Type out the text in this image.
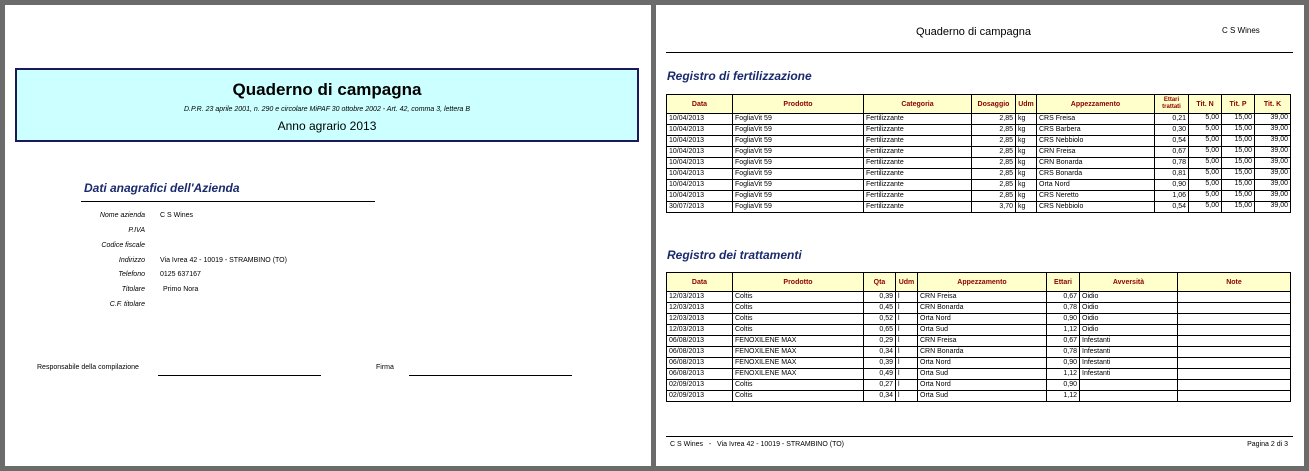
Quaderno di campagna
D.P.R. 23 aprile 2001, n. 290 e circolare MiPAF 30 ottobre 2002 - Art. 42, comma 3, lettera B
Anno agrario 2013
Dati anagrafici dell'Azienda
Nome azienda C S Wines
P.IVA
Codice fiscale
Indirizzo Via Ivrea 42 - 10019 - STRAMBINO (TO)
Telefono 0125 637167
Titolare	Primo Nora
C.F. titolare
Responsabile della compilazione	Firma
Quaderno di campagna	C S Wines
Registro di fertilizzazione
Data	Prodotto	Categoria	Dosaggio	Udm	Appezzamento	Ettari trattati	Tit. N	Tit. P	Tit. K
10/04/2013	FogliaVit 59	Fertilizzante	2,85	kg	CRS Freisa	0,21	5,00	15,00	39,00
10/04/2013	FogliaVit 59	Fertilizzante	2,85	kg	CRS Barbera	0,30	5,00	15,00	39,00
10/04/2013	FogliaVit 59	Fertilizzante	2,85	kg	CRS Nebbiolo	0,54	5,00	15,00	39,00
10/04/2013	FogliaVit 59	Fertilizzante	2,85	kg	CRN Freisa	0,67	5,00	15,00	39,00
10/04/2013	FogliaVit 59	Fertilizzante	2,85	kg	CRN Bonarda	0,78	5,00	15,00	39,00
10/04/2013	FogliaVit 59	Fertilizzante	2,85	kg	CRS Bonarda	0,81	5,00	15,00	39,00
10/04/2013	FogliaVit 59	Fertilizzante	2,85	kg	Orta Nord	0,90	5,00	15,00	39,00
10/04/2013	FogliaVit 59	Fertilizzante	2,85	kg	CRS Neretto	1,06	5,00	15,00	39,00
30/07/2013	FogliaVit 59	Fertilizzante	3,70	kg	CRS Nebbiolo	0,54	5,00	15,00	39,00
Registro dei trattamenti
Data	Prodotto	Qta	Udm	Appezzamento	Ettari	Avversità	Note
12/03/2013	Coltis	0,39	l	CRN Freisa	0,67	Oidio	
12/03/2013	Coltis	0,45	l	CRN Bonarda	0,78	Oidio	
12/03/2013	Coltis	0,52	l	Orta Nord	0,90	Oidio	
12/03/2013	Coltis	0,65	l	Orta Sud	1,12	Oidio	
06/08/2013	FENOXILENE MAX	0,29	l	CRN Freisa	0,67	Infestanti	
06/08/2013	FENOXILENE MAX	0,34	l	CRN Bonarda	0,78	Infestanti	
06/08/2013	FENOXILENE MAX	0,39	l	Orta Nord	0,90	Infestanti	
06/08/2013	FENOXILENE MAX	0,49	l	Orta Sud	1,12	Infestanti	
02/09/2013	Coltis	0,27	l	Orta Nord	0,90		
02/09/2013	Coltis	0,34	l	Orta Sud	1,12		
C S Wines   -   Via Ivrea 42 - 10019 - STRAMBINO (TO)	Pagina 2 di 3
